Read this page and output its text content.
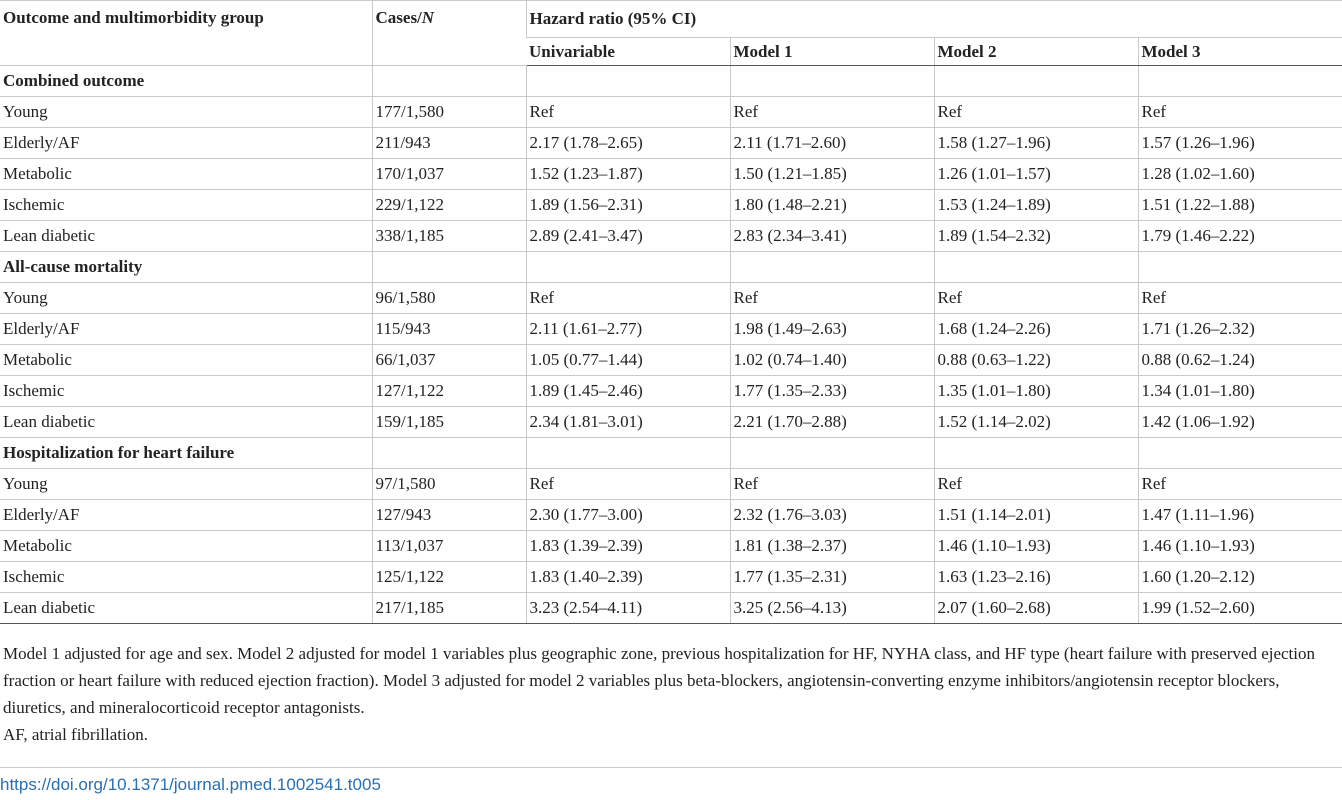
Outcome and multimorbidity group	Cases/N	Hazard ratio (95% CI)			
		Univariable	Model 1	Model 2	Model 3
Combined outcome					
Young	177/1,580	Ref	Ref	Ref	Ref
Elderly/AF	211/943	2.17 (1.78–2.65)	2.11 (1.71–2.60)	1.58 (1.27–1.96)	1.57 (1.26–1.96)
Metabolic	170/1,037	1.52 (1.23–1.87)	1.50 (1.21–1.85)	1.26 (1.01–1.57)	1.28 (1.02–1.60)
Ischemic	229/1,122	1.89 (1.56–2.31)	1.80 (1.48–2.21)	1.53 (1.24–1.89)	1.51 (1.22–1.88)
Lean diabetic	338/1,185	2.89 (2.41–3.47)	2.83 (2.34–3.41)	1.89 (1.54–2.32)	1.79 (1.46–2.22)
All-cause mortality					
Young	96/1,580	Ref	Ref	Ref	Ref
Elderly/AF	115/943	2.11 (1.61–2.77)	1.98 (1.49–2.63)	1.68 (1.24–2.26)	1.71 (1.26–2.32)
Metabolic	66/1,037	1.05 (0.77–1.44)	1.02 (0.74–1.40)	0.88 (0.63–1.22)	0.88 (0.62–1.24)
Ischemic	127/1,122	1.89 (1.45–2.46)	1.77 (1.35–2.33)	1.35 (1.01–1.80)	1.34 (1.01–1.80)
Lean diabetic	159/1,185	2.34 (1.81–3.01)	2.21 (1.70–2.88)	1.52 (1.14–2.02)	1.42 (1.06–1.92)
Hospitalization for heart failure					
Young	97/1,580	Ref	Ref	Ref	Ref
Elderly/AF	127/943	2.30 (1.77–3.00)	2.32 (1.76–3.03)	1.51 (1.14–2.01)	1.47 (1.11–1.96)
Metabolic	113/1,037	1.83 (1.39–2.39)	1.81 (1.38–2.37)	1.46 (1.10–1.93)	1.46 (1.10–1.93)
Ischemic	125/1,122	1.83 (1.40–2.39)	1.77 (1.35–2.31)	1.63 (1.23–2.16)	1.60 (1.20–2.12)
Lean diabetic	217/1,185	3.23 (2.54–4.11)	3.25 (2.56–4.13)	2.07 (1.60–2.68)	1.99 (1.52–2.60)

Model 1 adjusted for age and sex. Model 2 adjusted for model 1 variables plus geographic zone, previous hospitalization for HF, NYHA class, and HF type (heart failure with preserved ejection fraction or heart failure with reduced ejection fraction). Model 3 adjusted for model 2 variables plus beta-blockers, angiotensin-converting enzyme inhibitors/angiotensin receptor blockers, diuretics, and mineralocorticoid receptor antagonists.

AF, atrial fibrillation.

https://doi.org/10.1371/journal.pmed.1002541.t005
